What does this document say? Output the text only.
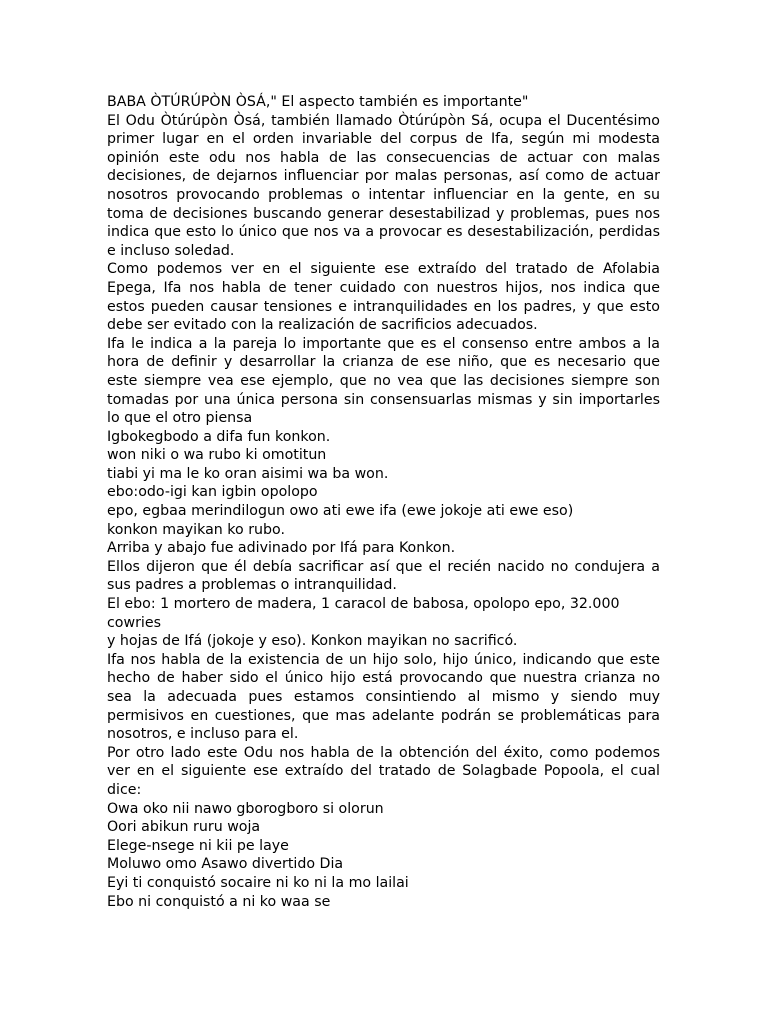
BABA ÒTÚRÚPÒN ÒSÁ," El aspecto también es importante"

El Odu Òtúrúpòn Òsá, también llamado Òtúrúpòn Sá, ocupa el Ducentésimo primer lugar en el orden invariable del corpus de Ifa, según mi modesta opinión este odu nos habla de las consecuencias de actuar con malas decisiones, de dejarnos influenciar por malas personas, así como de actuar nosotros provocando problemas o intentar influenciar en la gente, en su toma de decisiones buscando generar desestabilizad y problemas, pues nos indica que esto lo único que nos va a provocar es desestabilización, perdidas e incluso soledad.

Como podemos ver en el siguiente ese extraído del tratado de Afolabia Epega, Ifa nos habla de tener cuidado con nuestros hijos, nos indica que estos pueden causar tensiones e intranquilidades en los padres, y que esto debe ser evitado con la realización de sacrificios adecuados.

Ifa le indica a la pareja lo importante que es el consenso entre ambos a la hora de definir y desarrollar la crianza de ese niño, que es necesario que este siempre vea ese ejemplo, que no vea que las decisiones siempre son tomadas por una única persona sin consensuarlas mismas y sin importarles lo que el otro piensa

Igbokegbodo a difa fun konkon.

won niki o wa rubo ki omotitun

tiabi yi ma le ko oran aisimi wa ba won.

ebo:odo-igi kan igbin opolopo

epo, egbaa merindilogun owo ati ewe ifa (ewe jokoje ati ewe eso)

konkon mayikan ko rubo.

Arriba y abajo fue adivinado por Ifá para Konkon.

Ellos dijeron que él debía sacrificar así que el recién nacido no condujera a sus padres a problemas o intranquilidad.

El ebo: 1 mortero de madera, 1 caracol de babosa, opolopo epo, 32.000 cowries

y hojas de Ifá (jokoje y eso). Konkon mayikan no sacrificó.

Ifa nos habla de la existencia de un hijo solo, hijo único, indicando que este hecho de haber sido el único hijo está provocando que nuestra crianza no sea la adecuada pues estamos consintiendo al mismo y siendo muy permisivos en cuestiones, que mas adelante podrán se problemáticas para nosotros, e incluso para el.

Por otro lado este Odu nos habla de la obtención del éxito, como podemos ver en el siguiente ese extraído del tratado de Solagbade Popoola, el cual dice:

Owa oko nii nawo gborogboro si olorun

Oori abikun ruru woja

Elege-nsege ni kii pe laye

Moluwo omo Asawo divertido Dia

Eyi ti conquistó socaire ni ko ni la mo lailai

Ebo ni conquistó a ni ko waa se
